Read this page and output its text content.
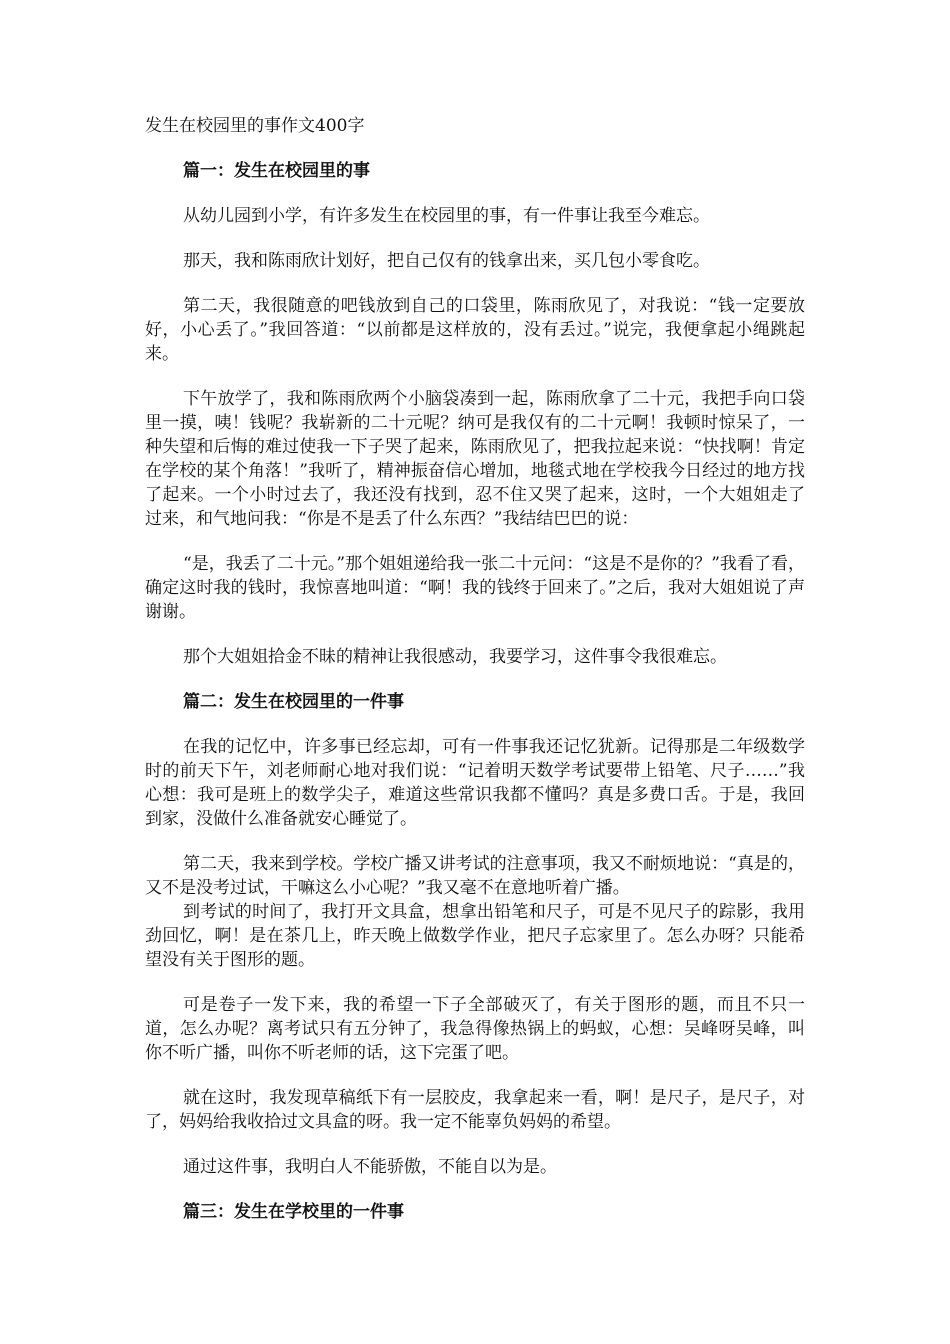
发生在校园里的事作文400字
篇一：发生在校园里的事

从幼儿园到小学，有许多发生在校园里的事，有一件事让我至今难忘。

那天，我和陈雨欣计划好，把自己仅有的钱拿出来，买几包小零食吃。

第二天，我很随意的吧钱放到自己的口袋里，陈雨欣见了，对我说：“钱一定要放好，小心丢了。”我回答道：“以前都是这样放的，没有丢过。”说完，我便拿起小绳跳起来。

下午放学了，我和陈雨欣两个小脑袋凑到一起，陈雨欣拿了二十元，我把手向口袋里一摸，咦！钱呢？我崭新的二十元呢？纳可是我仅有的二十元啊！我顿时惊呆了，一种失望和后悔的难过使我一下子哭了起来，陈雨欣见了，把我拉起来说：“快找啊！肯定在学校的某个角落！”我听了，精神振奋信心增加，地毯式地在学校我今日经过的地方找了起来。一个小时过去了，我还没有找到，忍不住又哭了起来，这时，一个大姐姐走了过来，和气地问我：“你是不是丢了什么东西？”我结结巴巴的说：

“是，我丢了二十元。”那个姐姐递给我一张二十元问：“这是不是你的？”我看了看，确定这时我的钱时，我惊喜地叫道：“啊！我的钱终于回来了。”之后，我对大姐姐说了声谢谢。

那个大姐姐拾金不昧的精神让我很感动，我要学习，这件事令我很难忘。

篇二：发生在校园里的一件事

在我的记忆中，许多事已经忘却，可有一件事我还记忆犹新。记得那是二年级数学时的前天下午，刘老师耐心地对我们说：“记着明天数学考试要带上铅笔、尺子……”我心想：我可是班上的数学尖子，难道这些常识我都不懂吗？真是多费口舌。于是，我回到家，没做什么准备就安心睡觉了。

第二天，我来到学校。学校广播又讲考试的注意事项，我又不耐烦地说：“真是的，又不是没考过试，干嘛这么小心呢？”我又毫不在意地听着广播。

到考试的时间了，我打开文具盒，想拿出铅笔和尺子，可是不见尺子的踪影，我用劲回忆，啊！是在茶几上，昨天晚上做数学作业，把尺子忘家里了。怎么办呀？只能希望没有关于图形的题。

可是卷子一发下来，我的希望一下子全部破灭了，有关于图形的题，而且不只一道，怎么办呢？离考试只有五分钟了，我急得像热锅上的蚂蚁，心想：吴峰呀吴峰，叫你不听广播，叫你不听老师的话，这下完蛋了吧。

就在这时，我发现草稿纸下有一层胶皮，我拿起来一看，啊！是尺子，是尺子，对了，妈妈给我收拾过文具盒的呀。我一定不能辜负妈妈的希望。

通过这件事，我明白人不能骄傲，不能自以为是。

篇三：发生在学校里的一件事
